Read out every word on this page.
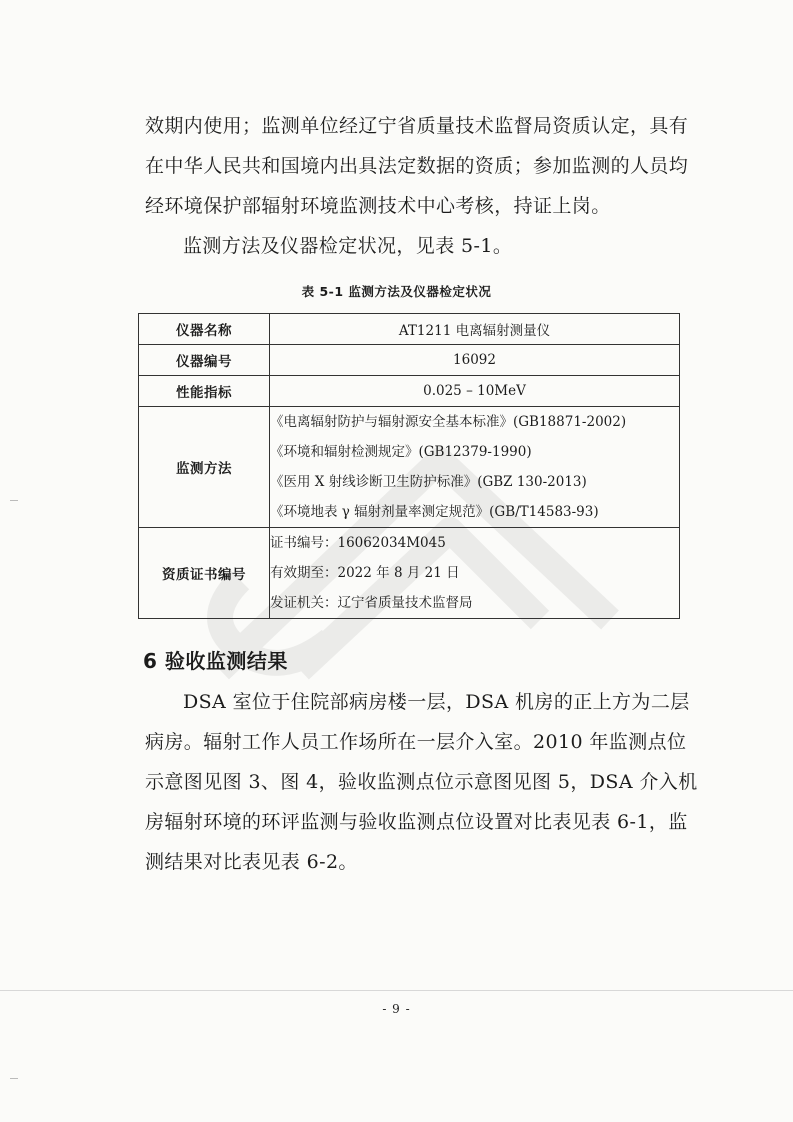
效期内使用；监测单位经辽宁省质量技术监督局资质认定，具有
在中华人民共和国境内出具法定数据的资质；参加监测的人员均
经环境保护部辐射环境监测技术中心考核，持证上岗。
监测方法及仪器检定状况，见表 5-1。
表 5-1 监测方法及仪器检定状况
仪器名称	AT1211 电离辐射测量仪
仪器编号	16092
性能指标	0.025 – 10MeV
监测方法	《电离辐射防护与辐射源安全基本标准》(GB18871-2002)
《环境和辐射检测规定》(GB12379-1990)
《医用 X 射线诊断卫生防护标准》(GBZ 130-2013)
《环境地表 γ 辐射剂量率测定规范》(GB/T14583-93)

资质证书编号	证书编号：16062034M045
有效期至：2022 年 8 月 21 日
发证机关：辽宁省质量技术监督局
6 验收监测结果
DSA 室位于住院部病房楼一层，DSA 机房的正上方为二层
病房。辐射工作人员工作场所在一层介入室。2010 年监测点位
示意图见图 3、图 4，验收监测点位示意图见图 5，DSA 介入机
房辐射环境的环评监测与验收监测点位设置对比表见表 6-1，监
测结果对比表见表 6-2。
- 9 -
